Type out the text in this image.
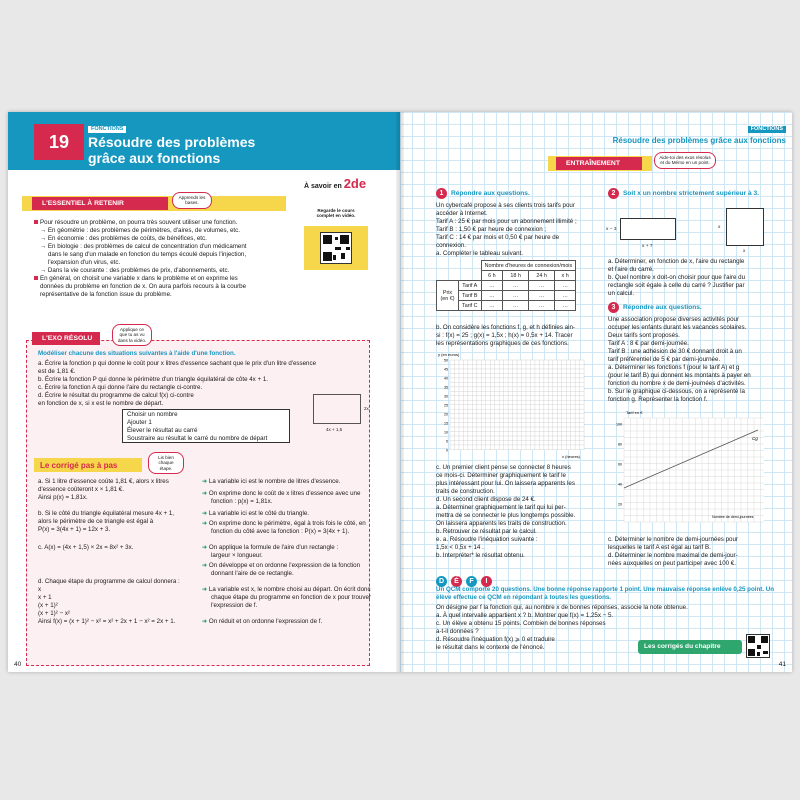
19
FONCTIONS
Résoudre des problèmes
grâce aux fonctions
À savoir en 2de
L'ESSENTIEL À RETENIR
Apprends les bases.
Regarde le cours complet en vidéo.
Pour résoudre un problème, on pourra très souvent utiliser une fonction.
→ En géométrie : des problèmes de périmètres, d'aires, de volumes, etc.
→ En économie : des problèmes de coûts, de bénéfices, etc.
→ En biologie : des problèmes de calcul de concentration d'un médicament
dans le sang d'un malade en fonction du temps écoulé depuis l'injection,
l'expansion d'un virus, etc.
→ Dans la vie courante : des problèmes de prix, d'abonnements, etc.
En général, on choisit une variable x dans le problème et on exprime les
données du problème en fonction de x. On aura parfois recours à la courbe
représentative de la fonction issue du problème.
L'EXO RÉSOLU
Applique ce que tu as vu dans la vidéo.
Modéliser chacune des situations suivantes à l'aide d'une fonction.
a. Écrire la fonction p qui donne le coût pour x litres d'essence sachant que le prix d'un litre d'essence
est de 1,81 €.
b. Écrire la fonction P qui donne le périmètre d'un triangle équilatéral de côte 4x + 1.
c. Écrire la fonction A qui donne l'aire du rectangle ci-contre.
d. Écrire le résultat du programme de calcul f(x) ci-contre
en fonction de x, si x est le nombre de départ.
2x
4x + 1,5
Choisir un nombre
Ajouter 1
Élever le résultat au carré
Soustraire au résultat le carré du nombre de départ
Le corrigé pas à pas
Lis bien chaque étape.
a. Si 1 litre d'essence coûte 1,81 €, alors x litres
d'essence coûteront x × 1,81 €.
Ainsi p(x) = 1,81x.
b. Si le côté du triangle équilatéral mesure 4x + 1,
alors le périmètre de ce triangle est égal à
P(x) = 3(4x + 1) = 12x + 3.
c. A(x) = (4x + 1,5) × 2x = 8x² + 3x.
d. Chaque étape du programme de calcul donnera :
x
x + 1
(x + 1)²
(x + 1)² − x²
Ainsi f(x) = (x + 1)² − x² = x² + 2x + 1 − x² = 2x + 1.
➜ La variable ici est le nombre de litres d'essence.
➜ On exprime donc le coût de x litres d'essence avec une
fonction : p(x) = 1,81x.
➜ La variable ici est le côté du triangle.
➜ On exprime donc le périmètre, égal à trois fois le côté, en
fonction du côté avec la fonction : P(x) = 3(4x + 1).
➜ On applique la formule de l'aire d'un rectangle :
largeur × longueur.
➜ On développe et on ordonne l'expression de la fonction
donnant l'aire de ce rectangle.
➜ La variable est x, le nombre choisi au départ. On écrit donc
chaque étape du programme en fonction de x pour trouver
l'expression de f.
➜ On réduit et on ordonne l'expression de f.
40
FONCTIONS
Résoudre des problèmes grâce aux fonctions
ENTRAÎNEMENT
Aide-toi des exos résolus et du Mémo en un point.
1 Répondre aux questions.
Un cybercafé propose à ses clients trois tarifs pour
accéder à Internet.
Tarif A : 25 € par mois pour un abonnement illimité ;
Tarif B : 1,50 € par heure de connexion ;
Tarif C : 14 € par mois et 0,50 € par heure de
connexion.
a. Compléter le tableau suivant.
		Nombre d'heures de connexion/mois			
		6 h	18 h	24 h	x h
Prix (en €)	Tarif A	…	…	…	…
	Tarif B	…	…	…	…
	Tarif C	…	…	…	…
b. On considère les fonctions f, g, et h définies ain-
si : f(x) = 25 ; g(x) = 1,5x ; h(x) = 0,5x + 14. Tracer
les représentations graphiques de ces fonctions.
y (en euros)
x (heures)
50
45
40
35
30
25
20
15
10
5
0
c. Un premier client pense se connecter 8 heures
ce mois-ci. Déterminer graphiquement le tarif le
plus intéressant pour lui. On laissera apparents les
traits de construction.
d. Un second client dispose de 24 €.
a. Déterminer graphiquement le tarif qui lui per-
mettra de se connecter le plus longtemps possible.
On laissera apparents les traits de construction.
b. Retrouver ce résultat par le calcul.
e. a. Résoudre l'inéquation suivante :
1,5x < 0,5x + 14 .
b. Interpréter* le résultat obtenu.
2 Soit x un nombre strictement supérieur à 3.
x − 3
x + 7
x
x
a. Déterminer, en fonction de x, l'aire du rectangle
et l'aire du carré.
b. Quel nombre x doit-on choisir pour que l'aire du
rectangle soit égale à celle du carré ? Justifier par
un calcul.
3 Répondre aux questions.
Une association propose diverses activités pour
occuper les enfants durant les vacances scolaires.
Deux tarifs sont proposés.
Tarif A : 8 € par demi-journée.
Tarif B : une adhésion de 30 € donnant droit à un
tarif préférentiel de 5 € par demi-journée.
a. Déterminer les fonctions f (pour le tarif A) et g
(pour le tarif B) qui donnent les montants à payer en
fonction du nombre x de demi-journées d'activités.
b. Sur le graphique ci-dessous, on a représenté la
fonction g. Représenter la fonction f.
Tarif en €
Nombre de demi-journées
100
80
60
40
20
Cg
c. Déterminer le nombre de demi-journées pour
lesquelles le tarif A est égal au tarif B.
d. Déterminer le nombre maximal de demi-jour-
nées auxquelles on peut participer avec 100 €.
D É F I
Un QCM comporte 20 questions. Une bonne réponse rapporte 1 point. Une mauvaise réponse enlève 0,25 point. Un élève effectue ce QCM en répondant à toutes les questions.
On désigne par f la fonction qui, au nombre x de bonnes réponses, associe la note obtenue.
a. À quel intervalle appartient x ? b. Montrer que f(x) = 1,25x − 5.
c. Un élève a obtenu 15 points. Combien de bonnes réponses
a-t-il données ?
d. Résoudre l'inéquation f(x) ⩾ 0 et traduire
le résultat dans le contexte de l'énoncé.	Les corrigés du chapitre
41
